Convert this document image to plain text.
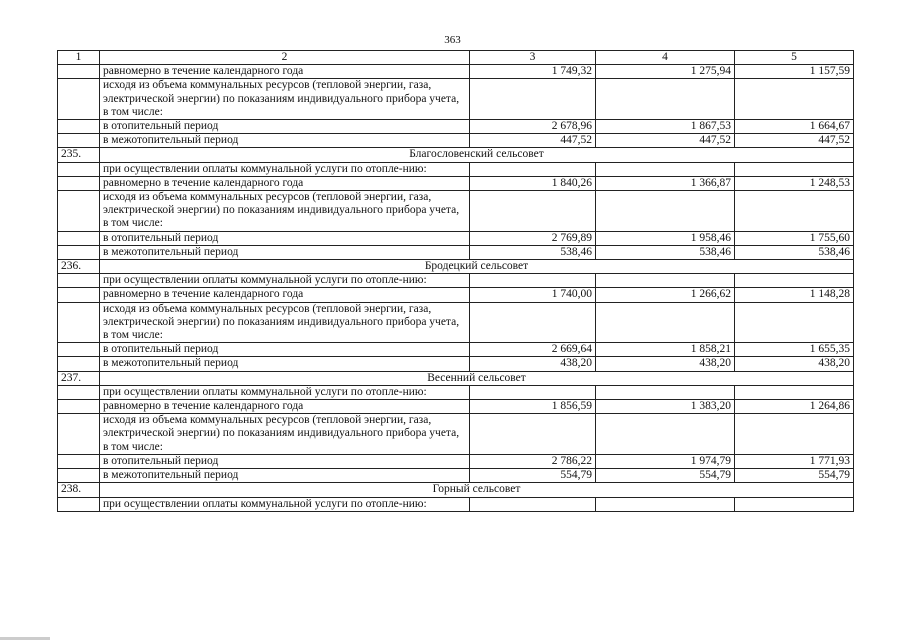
363
1	2	3	4	5
	равномерно в течение календарного года	1 749,32	1 275,94	1 157,59
	исходя из объема коммунальных ресурсов (тепловой энергии, газа, электрической энергии) по показаниям индивидуального прибора учета, в том числе:			
	в отопительный период	2 678,96	1 867,53	1 664,67
	в межотопительный период	447,52	447,52	447,52
235.	Благословенский сельсовет			
	при осуществлении оплаты коммунальной услуги по отопле-нию:			
	равномерно в течение календарного года	1 840,26	1 366,87	1 248,53
	исходя из объема коммунальных ресурсов (тепловой энергии, газа, электрической энергии) по показаниям индивидуального прибора учета, в том числе:			
	в отопительный период	2 769,89	1 958,46	1 755,60
	в межотопительный период	538,46	538,46	538,46
236.	Бродецкий сельсовет			
	при осуществлении оплаты коммунальной услуги по отопле-нию:			
	равномерно в течение календарного года	1 740,00	1 266,62	1 148,28
	исходя из объема коммунальных ресурсов (тепловой энергии, газа, электрической энергии) по показаниям индивидуального прибора учета, в том числе:			
	в отопительный период	2 669,64	1 858,21	1 655,35
	в межотопительный период	438,20	438,20	438,20
237.	Весенний сельсовет			
	при осуществлении оплаты коммунальной услуги по отопле-нию:			
	равномерно в течение календарного года	1 856,59	1 383,20	1 264,86
	исходя из объема коммунальных ресурсов (тепловой энергии, газа, электрической энергии) по показаниям индивидуального прибора учета, в том числе:			
	в отопительный период	2 786,22	1 974,79	1 771,93
	в межотопительный период	554,79	554,79	554,79
238.	Горный сельсовет			
	при осуществлении оплаты коммунальной услуги по отопле-нию:			
